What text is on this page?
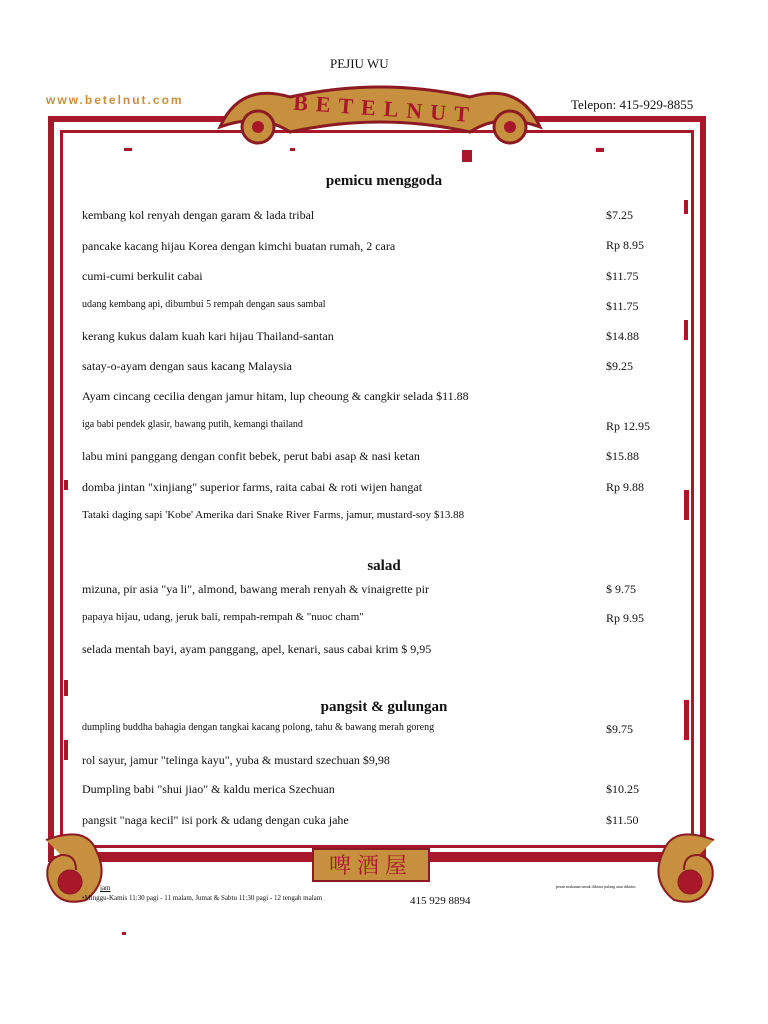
BETELNUT
PEJIU WU
www.betelnut.com	Telepon: 415-929-8855
啤酒屋
pemicu menggoda
kembang kol renyah dengan garam & lada tribal	$7.25
pancake kacang hijau Korea dengan kimchi buatan rumah, 2 cara	Rp 8.95
cumi-cumi berkulit cabai	$11.75
udang kembang api, dibumbui 5 rempah dengan saus sambal	$11.75
kerang kukus dalam kuah kari hijau Thailand-santan	$14.88
satay-o-ayam dengan saus kacang Malaysia	$9.25
Ayam cincang cecilia dengan jamur hitam, lup cheoung & cangkir selada $11.88
iga babi pendek glasir, bawang putih, kemangi thailand	Rp 12.95
labu mini panggang dengan confit bebek, perut babi asap & nasi ketan	$15.88
domba jintan "xinjiang" superior farms, raita cabai & roti wijen hangat	Rp 9.88
Tataki daging sapi 'Kobe' Amerika dari Snake River Farms, jamur, mustard-soy $13.88
salad
mizuna, pir asia "ya li", almond, bawang merah renyah & vinaigrette pir	$ 9.75
papaya hijau, udang, jeruk bali, rempah-rempah & "nuoc cham"	Rp 9.95
selada mentah bayi, ayam panggang, apel, kenari, saus cabai krim $ 9,95
pangsit & gulungan
dumpling buddha bahagia dengan tangkai kacang polong, tahu & bawang merah goreng	$9.75
rol sayur, jamur "telinga kayu", yuba & mustard szechuan $9,98
Dumpling babi "shui jiao" & kaldu merica Szechuan	$10.25
pangsit "naga kecil" isi pork & udang dengan cuka jahe	$11.50
jam
•Minggu-Kamis 11:30 pagi - 11 malam, Jumat & Sabtu 11:30 pagi - 12 tengah malam	415 929 8894
pesan makanan untuk dibawa pulang atau dikirim
